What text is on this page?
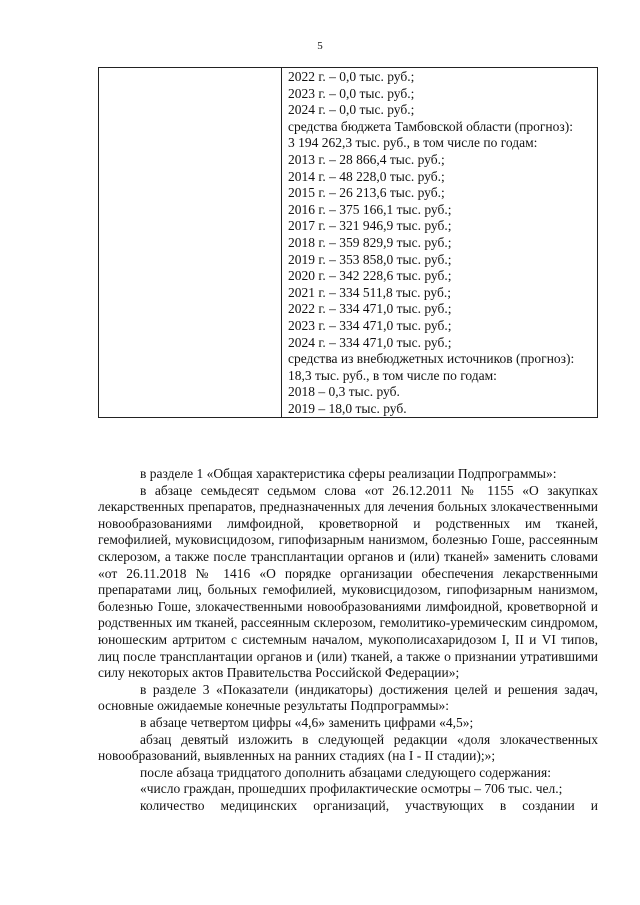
5

2022 г. – 0,0 тыс. руб.;
2023 г. – 0,0 тыс. руб.;
2024 г. – 0,0 тыс. руб.;
средства бюджета Тамбовской области (прогноз):
3 194 262,3 тыс. руб., в том числе по годам:
2013 г. – 28 866,4 тыс. руб.;
2014 г. – 48 228,0 тыс. руб.;
2015 г. – 26 213,6 тыс. руб.;
2016 г. – 375 166,1 тыс. руб.;
2017 г. – 321 946,9 тыс. руб.;
2018 г. – 359 829,9 тыс. руб.;
2019 г. – 353 858,0 тыс. руб.;
2020 г. – 342 228,6 тыс. руб.;
2021 г. – 334 511,8 тыс. руб.;
2022 г. – 334 471,0 тыс. руб.;
2023 г. – 334 471,0 тыс. руб.;
2024 г. – 334 471,0 тыс. руб.;
средства из внебюджетных источников (прогноз):
18,3 тыс. руб., в том числе по годам:
2018 – 0,3 тыс. руб.
2019 – 18,0 тыс. руб.

в разделе 1 «Общая характеристика сферы реализации Подпрограммы»:

в абзаце семьдесят седьмом слова «от 26.12.2011 № 1155 «О закупках лекарственных препаратов, предназначенных для лечения больных злокачественными новообразованиями лимфоидной, кроветворной и родственных им тканей, гемофилией, муковисцидозом, гипофизарным нанизмом, болезнью Гоше, рассеянным склерозом, а также после трансплантации органов и (или) тканей» заменить словами «от 26.11.2018 № 1416 «О порядке организации обеспечения лекарственными препаратами лиц, больных гемофилией, муковисцидозом, гипофизарным нанизмом, болезнью Гоше, злокачественными новообразованиями лимфоидной, кроветворной и родственных им тканей, рассеянным склерозом, гемолитико-уремическим синдромом, юношеским артритом с системным началом, мукополисахаридозом I, II и VI типов, лиц после трансплантации органов и (или) тканей, а также о признании утратившими силу некоторых актов Правительства Российской Федерации»;

в разделе 3 «Показатели (индикаторы) достижения целей и решения задач, основные ожидаемые конечные результаты Подпрограммы»:

в абзаце четвертом цифры «4,6» заменить цифрами «4,5»;

абзац девятый изложить в следующей редакции «доля злокачественных новообразований, выявленных на ранних стадиях (на I - II стадии);»;

после абзаца тридцатого дополнить абзацами следующего содержания:

«число граждан, прошедших профилактические осмотры – 706 тыс. чел.;

количество медицинских организаций, участвующих в создании и
